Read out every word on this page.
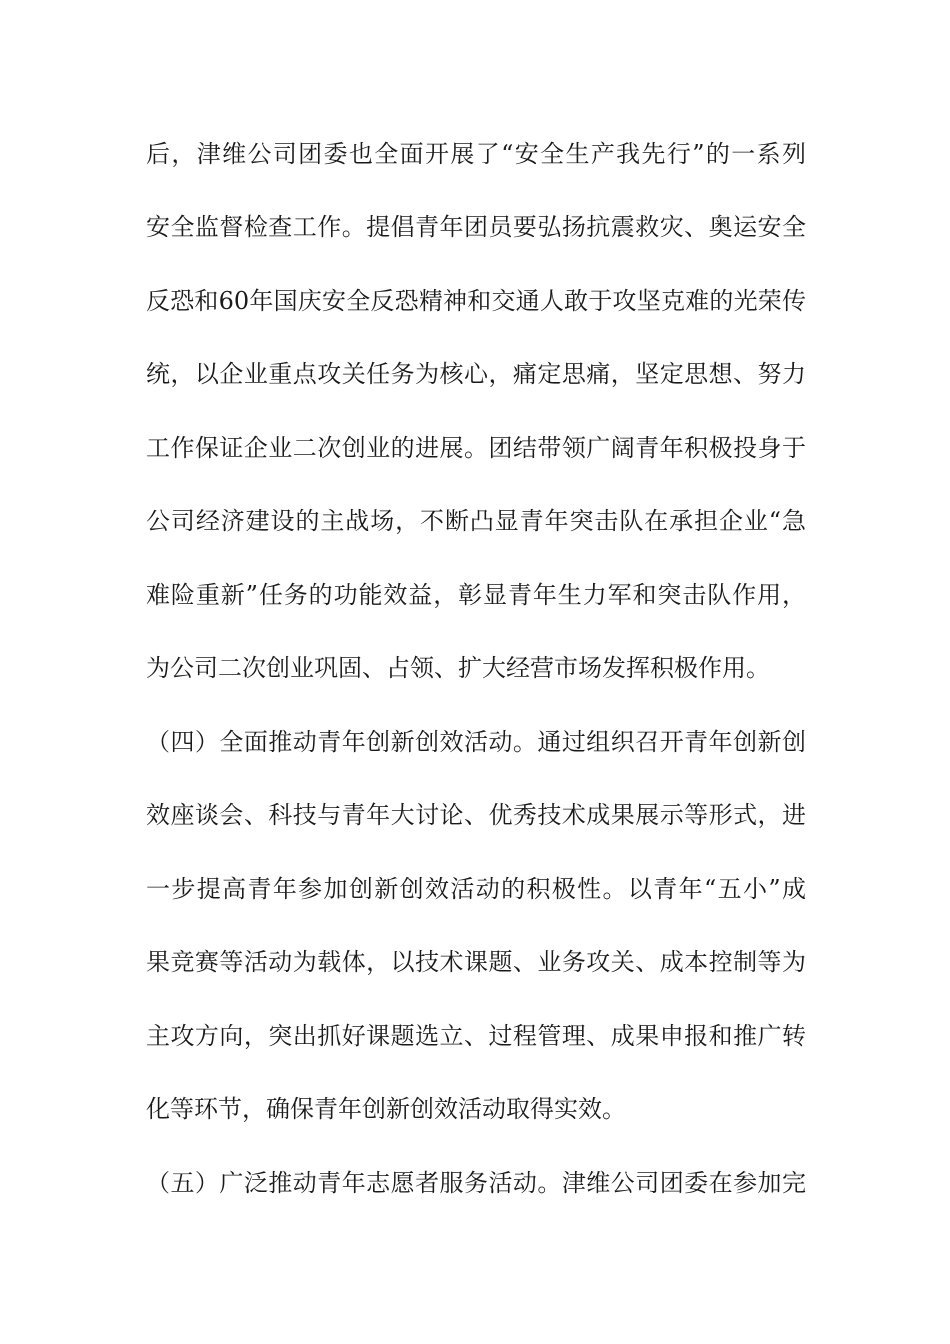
后，津维公司团委也全面开展了“安全生产我先行”的一系列
安全监督检查工作。提倡青年团员要弘扬抗震救灾、奥运安全
反恐和60年国庆安全反恐精神和交通人敢于攻坚克难的光荣传
统，以企业重点攻关任务为核心，痛定思痛，坚定思想、努力
工作保证企业二次创业的进展。团结带领广阔青年积极投身于
公司经济建设的主战场，不断凸显青年突击队在承担企业“急
难险重新”任务的功能效益，彰显青年生力军和突击队作用，
为公司二次创业巩固、占领、扩大经营市场发挥积极作用。
（四）全面推动青年创新创效活动。通过组织召开青年创新创
效座谈会、科技与青年大讨论、优秀技术成果展示等形式，进
一步提高青年参加创新创效活动的积极性。以青年“五小”成
果竞赛等活动为载体，以技术课题、业务攻关、成本控制等为
主攻方向，突出抓好课题选立、过程管理、成果申报和推广转
化等环节，确保青年创新创效活动取得实效。
（五）广泛推动青年志愿者服务活动。津维公司团委在参加完
